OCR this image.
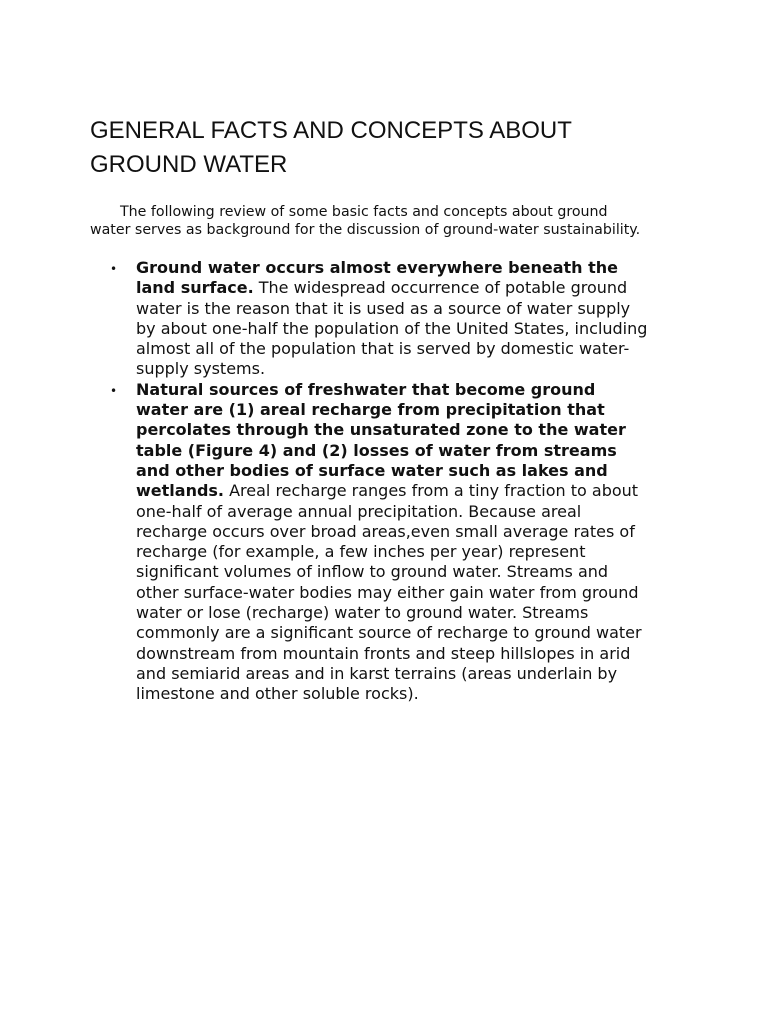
GENERAL FACTS AND CONCEPTS ABOUT
GROUND WATER
The following review of some basic facts and concepts about ground
water serves as background for the discussion of ground-water sustainability.
• Ground water occurs almost everywhere beneath the
land surface. The widespread occurrence of potable ground
water is the reason that it is used as a source of water supply
by about one-half the population of the United States, including
almost all of the population that is served by domestic water-
supply systems.
• Natural sources of freshwater that become ground
water are (1) areal recharge from precipitation that
percolates through the unsaturated zone to the water
table (Figure 4) and (2) losses of water from streams
and other bodies of surface water such as lakes and
wetlands. Areal recharge ranges from a tiny fraction to about
one-half of average annual precipitation. Because areal
recharge occurs over broad areas,even small average rates of
recharge (for example, a few inches per year) represent
significant volumes of inflow to ground water. Streams and
other surface-water bodies may either gain water from ground
water or lose (recharge) water to ground water. Streams
commonly are a significant source of recharge to ground water
downstream from mountain fronts and steep hillslopes in arid
and semiarid areas and in karst terrains (areas underlain by
limestone and other soluble rocks).
